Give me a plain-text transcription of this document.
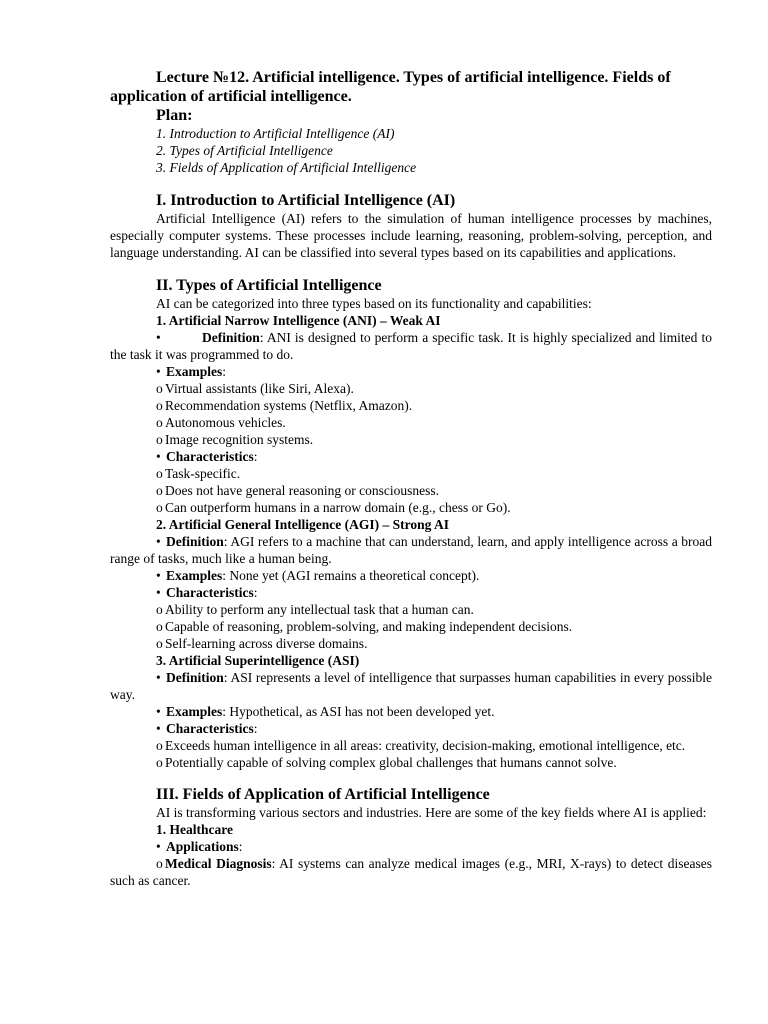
Lecture №12. Artificial intelligence. Types of artificial intelligence. Fields of application of artificial intelligence.

Plan:

1. Introduction to Artificial Intelligence (AI)

2. Types of Artificial Intelligence

3. Fields of Application of Artificial Intelligence

I. Introduction to Artificial Intelligence (AI)

Artificial Intelligence (AI) refers to the simulation of human intelligence processes by machines, especially computer systems. These processes include learning, reasoning, problem-solving, perception, and language understanding. AI can be classified into several types based on its capabilities and applications.

II. Types of Artificial Intelligence

AI can be categorized into three types based on its functionality and capabilities:

1. Artificial Narrow Intelligence (ANI) – Weak AI

•	Definition: ANI is designed to perform a specific task. It is highly specialized and limited to the task it was programmed to do.

• Examples:

o Virtual assistants (like Siri, Alexa).

o Recommendation systems (Netflix, Amazon).

o Autonomous vehicles.

o Image recognition systems.

• Characteristics:

o Task-specific.

o Does not have general reasoning or consciousness.

o Can outperform humans in a narrow domain (e.g., chess or Go).

2. Artificial General Intelligence (AGI) – Strong AI

• Definition: AGI refers to a machine that can understand, learn, and apply intelligence across a broad range of tasks, much like a human being.

• Examples: None yet (AGI remains a theoretical concept).

• Characteristics:

o Ability to perform any intellectual task that a human can.

o Capable of reasoning, problem-solving, and making independent decisions.

o Self-learning across diverse domains.

3. Artificial Superintelligence (ASI)

• Definition: ASI represents a level of intelligence that surpasses human capabilities in every possible way.

• Examples: Hypothetical, as ASI has not been developed yet.

• Characteristics:

o Exceeds human intelligence in all areas: creativity, decision-making, emotional intelligence, etc.

o Potentially capable of solving complex global challenges that humans cannot solve.

III. Fields of Application of Artificial Intelligence

AI is transforming various sectors and industries. Here are some of the key fields where AI is applied:

1. Healthcare

• Applications:

o Medical Diagnosis: AI systems can analyze medical images (e.g., MRI, X-rays) to detect diseases such as cancer.
